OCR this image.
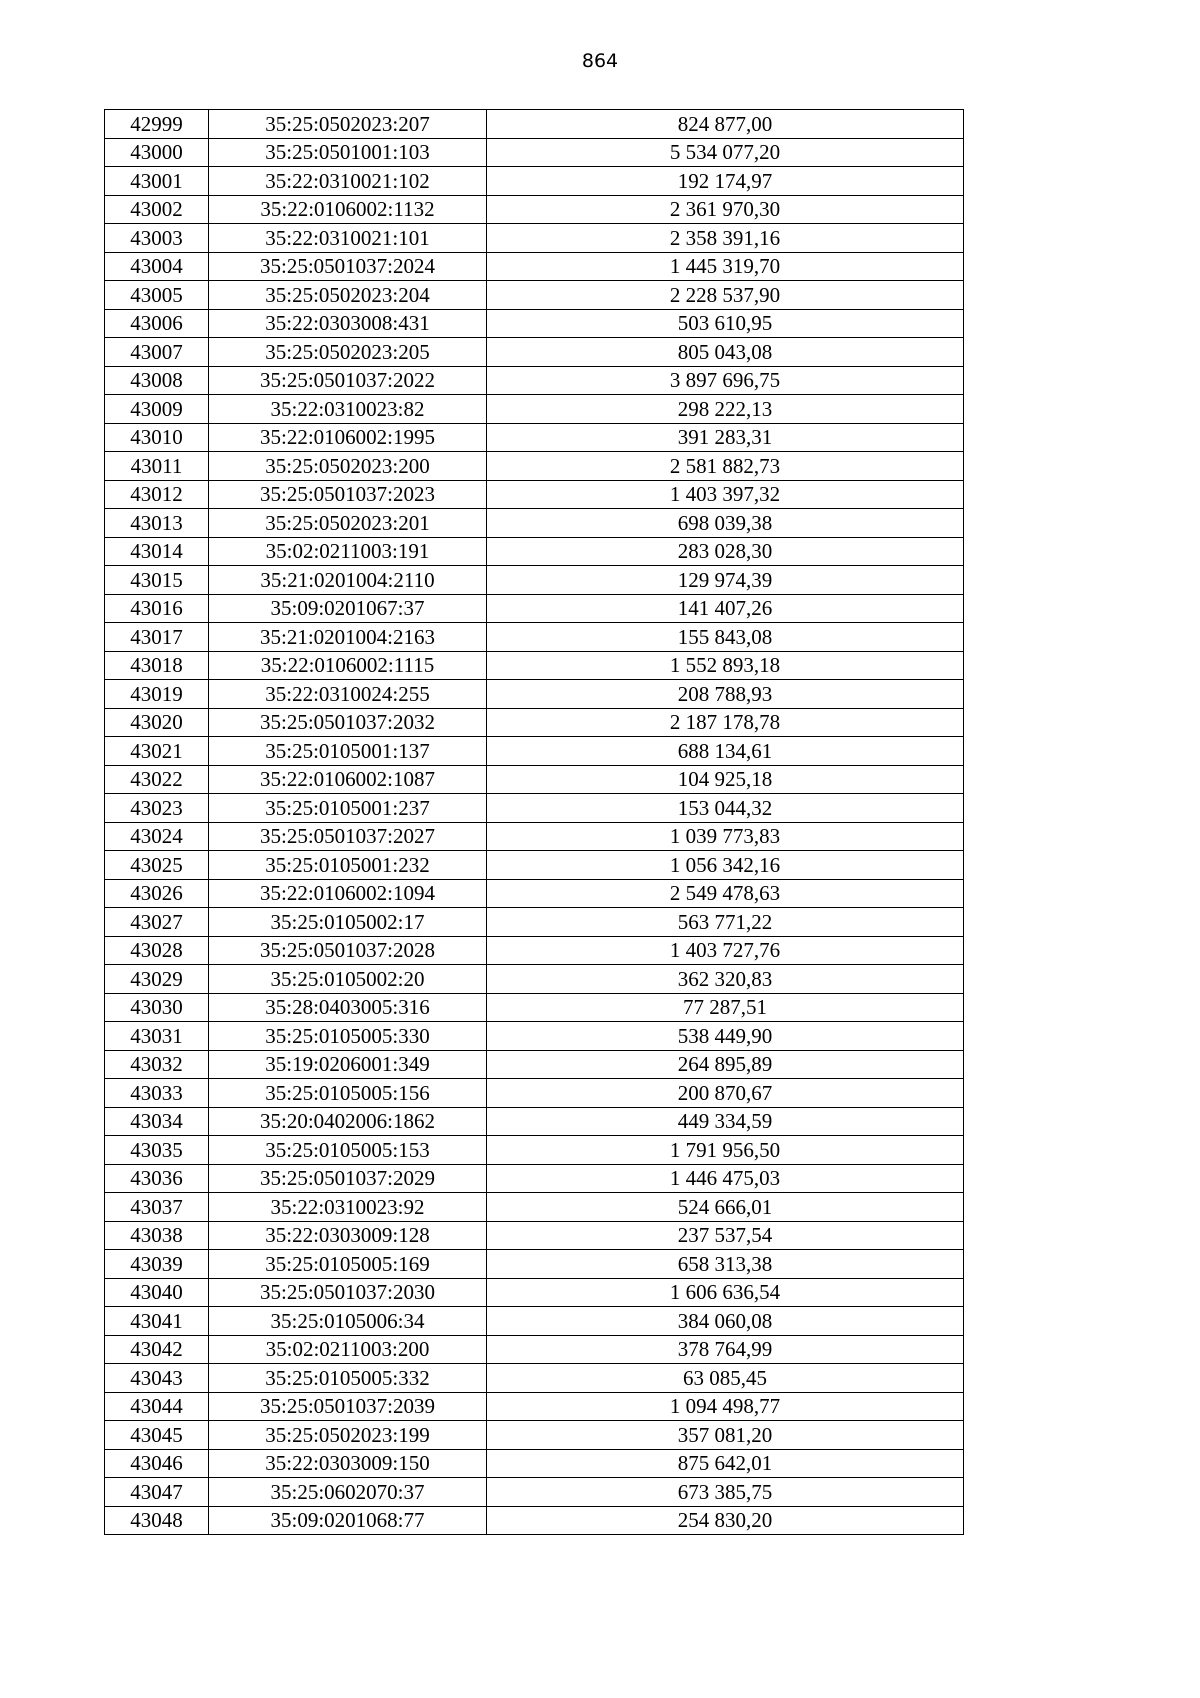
864
42999	35:25:0502023:207	824 877,00
43000	35:25:0501001:103	5 534 077,20
43001	35:22:0310021:102	192 174,97
43002	35:22:0106002:1132	2 361 970,30
43003	35:22:0310021:101	2 358 391,16
43004	35:25:0501037:2024	1 445 319,70
43005	35:25:0502023:204	2 228 537,90
43006	35:22:0303008:431	503 610,95
43007	35:25:0502023:205	805 043,08
43008	35:25:0501037:2022	3 897 696,75
43009	35:22:0310023:82	298 222,13
43010	35:22:0106002:1995	391 283,31
43011	35:25:0502023:200	2 581 882,73
43012	35:25:0501037:2023	1 403 397,32
43013	35:25:0502023:201	698 039,38
43014	35:02:0211003:191	283 028,30
43015	35:21:0201004:2110	129 974,39
43016	35:09:0201067:37	141 407,26
43017	35:21:0201004:2163	155 843,08
43018	35:22:0106002:1115	1 552 893,18
43019	35:22:0310024:255	208 788,93
43020	35:25:0501037:2032	2 187 178,78
43021	35:25:0105001:137	688 134,61
43022	35:22:0106002:1087	104 925,18
43023	35:25:0105001:237	153 044,32
43024	35:25:0501037:2027	1 039 773,83
43025	35:25:0105001:232	1 056 342,16
43026	35:22:0106002:1094	2 549 478,63
43027	35:25:0105002:17	563 771,22
43028	35:25:0501037:2028	1 403 727,76
43029	35:25:0105002:20	362 320,83
43030	35:28:0403005:316	77 287,51
43031	35:25:0105005:330	538 449,90
43032	35:19:0206001:349	264 895,89
43033	35:25:0105005:156	200 870,67
43034	35:20:0402006:1862	449 334,59
43035	35:25:0105005:153	1 791 956,50
43036	35:25:0501037:2029	1 446 475,03
43037	35:22:0310023:92	524 666,01
43038	35:22:0303009:128	237 537,54
43039	35:25:0105005:169	658 313,38
43040	35:25:0501037:2030	1 606 636,54
43041	35:25:0105006:34	384 060,08
43042	35:02:0211003:200	378 764,99
43043	35:25:0105005:332	63 085,45
43044	35:25:0501037:2039	1 094 498,77
43045	35:25:0502023:199	357 081,20
43046	35:22:0303009:150	875 642,01
43047	35:25:0602070:37	673 385,75
43048	35:09:0201068:77	254 830,20
